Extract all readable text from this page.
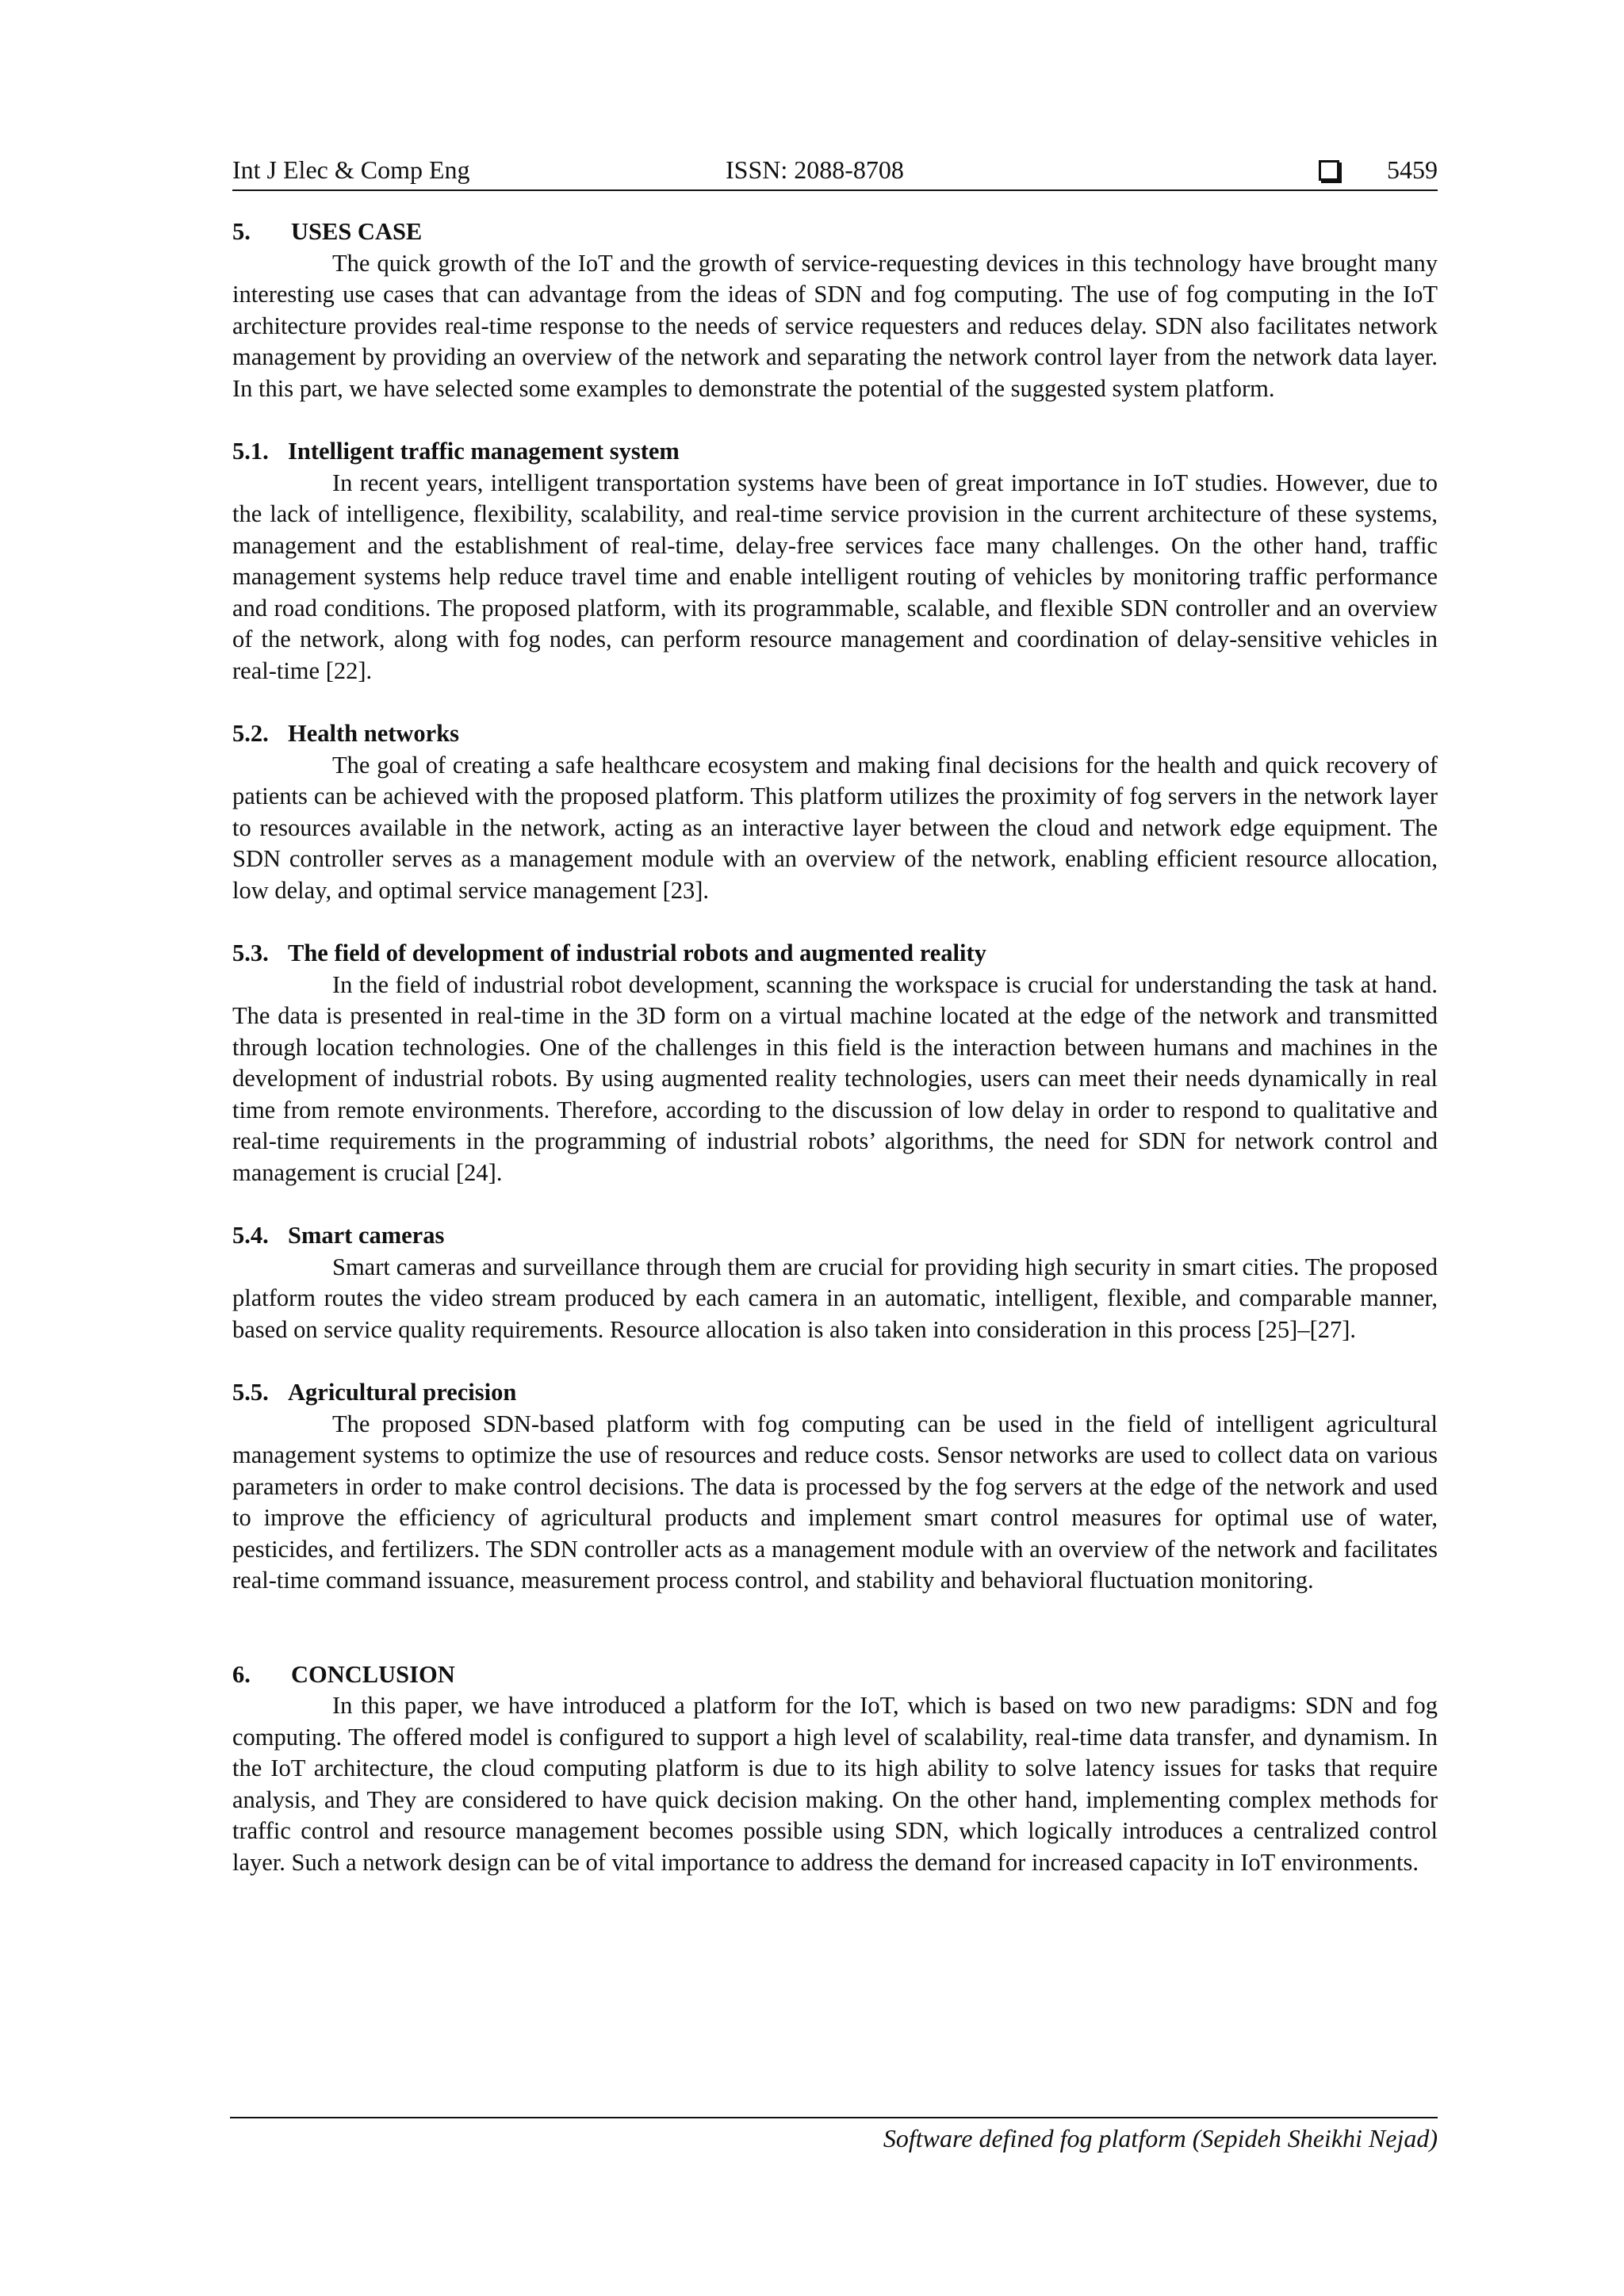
Int J Elec & Comp Eng	ISSN: 2088-8708	5459
5. USES CASE

The quick growth of the IoT and the growth of service-requesting devices in this technology have brought many interesting use cases that can advantage from the ideas of SDN and fog computing. The use of fog computing in the IoT architecture provides real-time response to the needs of service requesters and reduces delay. SDN also facilitates network management by providing an overview of the network and separating the network control layer from the network data layer. In this part, we have selected some examples to demonstrate the potential of the suggested system platform.

5.1. Intelligent traffic management system

In recent years, intelligent transportation systems have been of great importance in IoT studies. However, due to the lack of intelligence, flexibility, scalability, and real-time service provision in the current architecture of these systems, management and the establishment of real-time, delay-free services face many challenges. On the other hand, traffic management systems help reduce travel time and enable intelligent routing of vehicles by monitoring traffic performance and road conditions. The proposed platform, with its programmable, scalable, and flexible SDN controller and an overview of the network, along with fog nodes, can perform resource management and coordination of delay-sensitive vehicles in real-time [22].

5.2. Health networks

The goal of creating a safe healthcare ecosystem and making final decisions for the health and quick recovery of patients can be achieved with the proposed platform. This platform utilizes the proximity of fog servers in the network layer to resources available in the network, acting as an interactive layer between the cloud and network edge equipment. The SDN controller serves as a management module with an overview of the network, enabling efficient resource allocation, low delay, and optimal service management [23].

5.3. The field of development of industrial robots and augmented reality

In the field of industrial robot development, scanning the workspace is crucial for understanding the task at hand. The data is presented in real-time in the 3D form on a virtual machine located at the edge of the network and transmitted through location technologies. One of the challenges in this field is the interaction between humans and machines in the development of industrial robots. By using augmented reality technologies, users can meet their needs dynamically in real time from remote environments. Therefore, according to the discussion of low delay in order to respond to qualitative and real-time requirements in the programming of industrial robots’ algorithms, the need for SDN for network control and management is crucial [24].

5.4. Smart cameras

Smart cameras and surveillance through them are crucial for providing high security in smart cities. The proposed platform routes the video stream produced by each camera in an automatic, intelligent, flexible, and comparable manner, based on service quality requirements. Resource allocation is also taken into consideration in this process [25]–[27].

5.5. Agricultural precision

The proposed SDN-based platform with fog computing can be used in the field of intelligent agricultural management systems to optimize the use of resources and reduce costs. Sensor networks are used to collect data on various parameters in order to make control decisions. The data is processed by the fog servers at the edge of the network and used to improve the efficiency of agricultural products and implement smart control measures for optimal use of water, pesticides, and fertilizers. The SDN controller acts as a management module with an overview of the network and facilitates real-time command issuance, measurement process control, and stability and behavioral fluctuation monitoring.

6. CONCLUSION

In this paper, we have introduced a platform for the IoT, which is based on two new paradigms: SDN and fog computing. The offered model is configured to support a high level of scalability, real-time data transfer, and dynamism. In the IoT architecture, the cloud computing platform is due to its high ability to solve latency issues for tasks that require analysis, and They are considered to have quick decision making. On the other hand, implementing complex methods for traffic control and resource management becomes possible using SDN, which logically introduces a centralized control layer. Such a network design can be of vital importance to address the demand for increased capacity in IoT environments.

Software defined fog platform (Sepideh Sheikhi Nejad)
